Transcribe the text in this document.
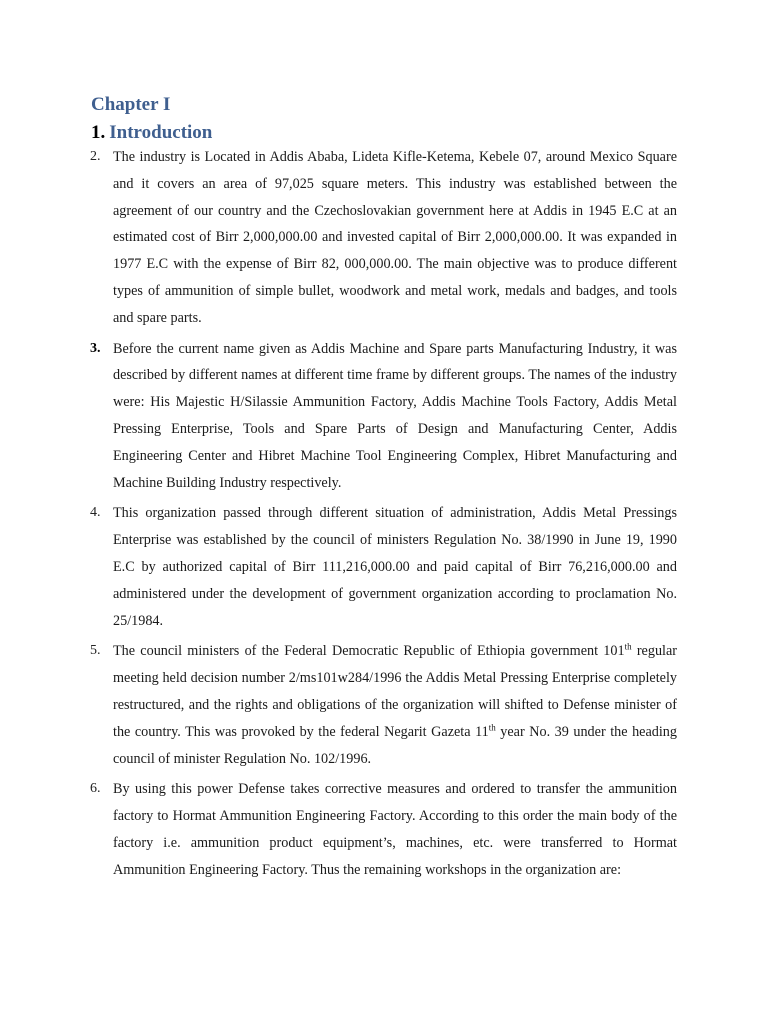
Chapter I
1. Introduction
2. The industry is Located in Addis Ababa, Lideta Kifle-Ketema, Kebele 07, around Mexico Square and it covers an area of 97,025 square meters. This industry was established between the agreement of our country and the Czechoslovakian government here at Addis in 1945 E.C at an estimated cost of Birr 2,000,000.00 and invested capital of Birr 2,000,000.00. It was expanded in 1977 E.C with the expense of Birr 82, 000,000.00. The main objective was to produce different types of ammunition of simple bullet, woodwork and metal work, medals and badges, and tools and spare parts.
3. Before the current name given as Addis Machine and Spare parts Manufacturing Industry, it was described by different names at different time frame by different groups. The names of the industry were: His Majestic H/Silassie Ammunition Factory, Addis Machine Tools Factory, Addis Metal Pressing Enterprise, Tools and Spare Parts of Design and Manufacturing Center, Addis Engineering Center and Hibret Machine Tool Engineering Complex, Hibret Manufacturing and Machine Building Industry respectively.
4. This organization passed through different situation of administration, Addis Metal Pressings Enterprise was established by the council of ministers Regulation No. 38/1990 in June 19, 1990 E.C by authorized capital of Birr 111,216,000.00 and paid capital of Birr 76,216,000.00 and administered under the development of government organization according to proclamation No. 25/1984.
5. The council ministers of the Federal Democratic Republic of Ethiopia government 101th regular meeting held decision number 2/ms101w284/1996 the Addis Metal Pressing Enterprise completely restructured, and the rights and obligations of the organization will shifted to Defense minister of the country. This was provoked by the federal Negarit Gazeta 11th year No. 39 under the heading council of minister Regulation No. 102/1996.
6. By using this power Defense takes corrective measures and ordered to transfer the ammunition factory to Hormat Ammunition Engineering Factory. According to this order the main body of the factory i.e. ammunition product equipment’s, machines, etc. were transferred to Hormat Ammunition Engineering Factory. Thus the remaining workshops in the organization are:
